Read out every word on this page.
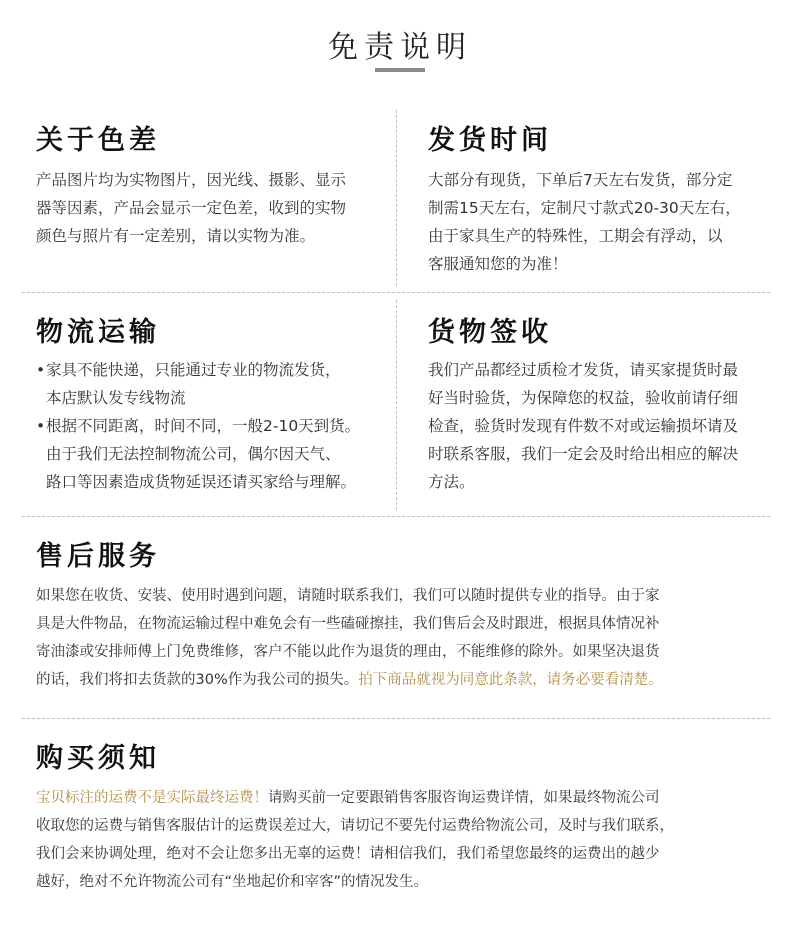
免责说明
关于色差

产品图片均为实物图片，因光线、摄影、显示

器等因素，产品会显示一定色差，收到的实物

颜色与照片有一定差别，请以实物为准。

发货时间

大部分有现货，下单后7天左右发货，部分定

制需15天左右，定制尺寸款式20-30天左右，

由于家具生产的特殊性，工期会有浮动，以

客服通知您的为准！

物流运输
•家具不能快递，只能通过专业的物流发货，
本店默认发专线物流
•根据不同距离，时间不同，一般2-10天到货。
由于我们无法控制物流公司，偶尔因天气、
路口等因素造成货物延误还请买家给与理解。
货物签收

我们产品都经过质检才发货，请买家提货时最

好当时验货，为保障您的权益，验收前请仔细

检查，验货时发现有件数不对或运输损坏请及

时联系客服，我们一定会及时给出相应的解决

方法。

售后服务

如果您在收货、安装、使用时遇到问题，请随时联系我们，我们可以随时提供专业的指导。由于家

具是大件物品，在物流运输过程中难免会有一些磕碰擦挂，我们售后会及时跟进，根据具体情况补

寄油漆或安排师傅上门免费维修，客户不能以此作为退货的理由，不能维修的除外。如果坚决退货

的话，我们将扣去货款的30%作为我公司的损失。拍下商品就视为同意此条款，请务必要看清楚。

购买须知

宝贝标注的运费不是实际最终运费！请购买前一定要跟销售客服咨询运费详情，如果最终物流公司

收取您的运费与销售客服估计的运费误差过大，请切记不要先付运费给物流公司，及时与我们联系，

我们会来协调处理，绝对不会让您多出无辜的运费！请相信我们，我们希望您最终的运费出的越少

越好，绝对不允许物流公司有“坐地起价和宰客”的情况发生。
